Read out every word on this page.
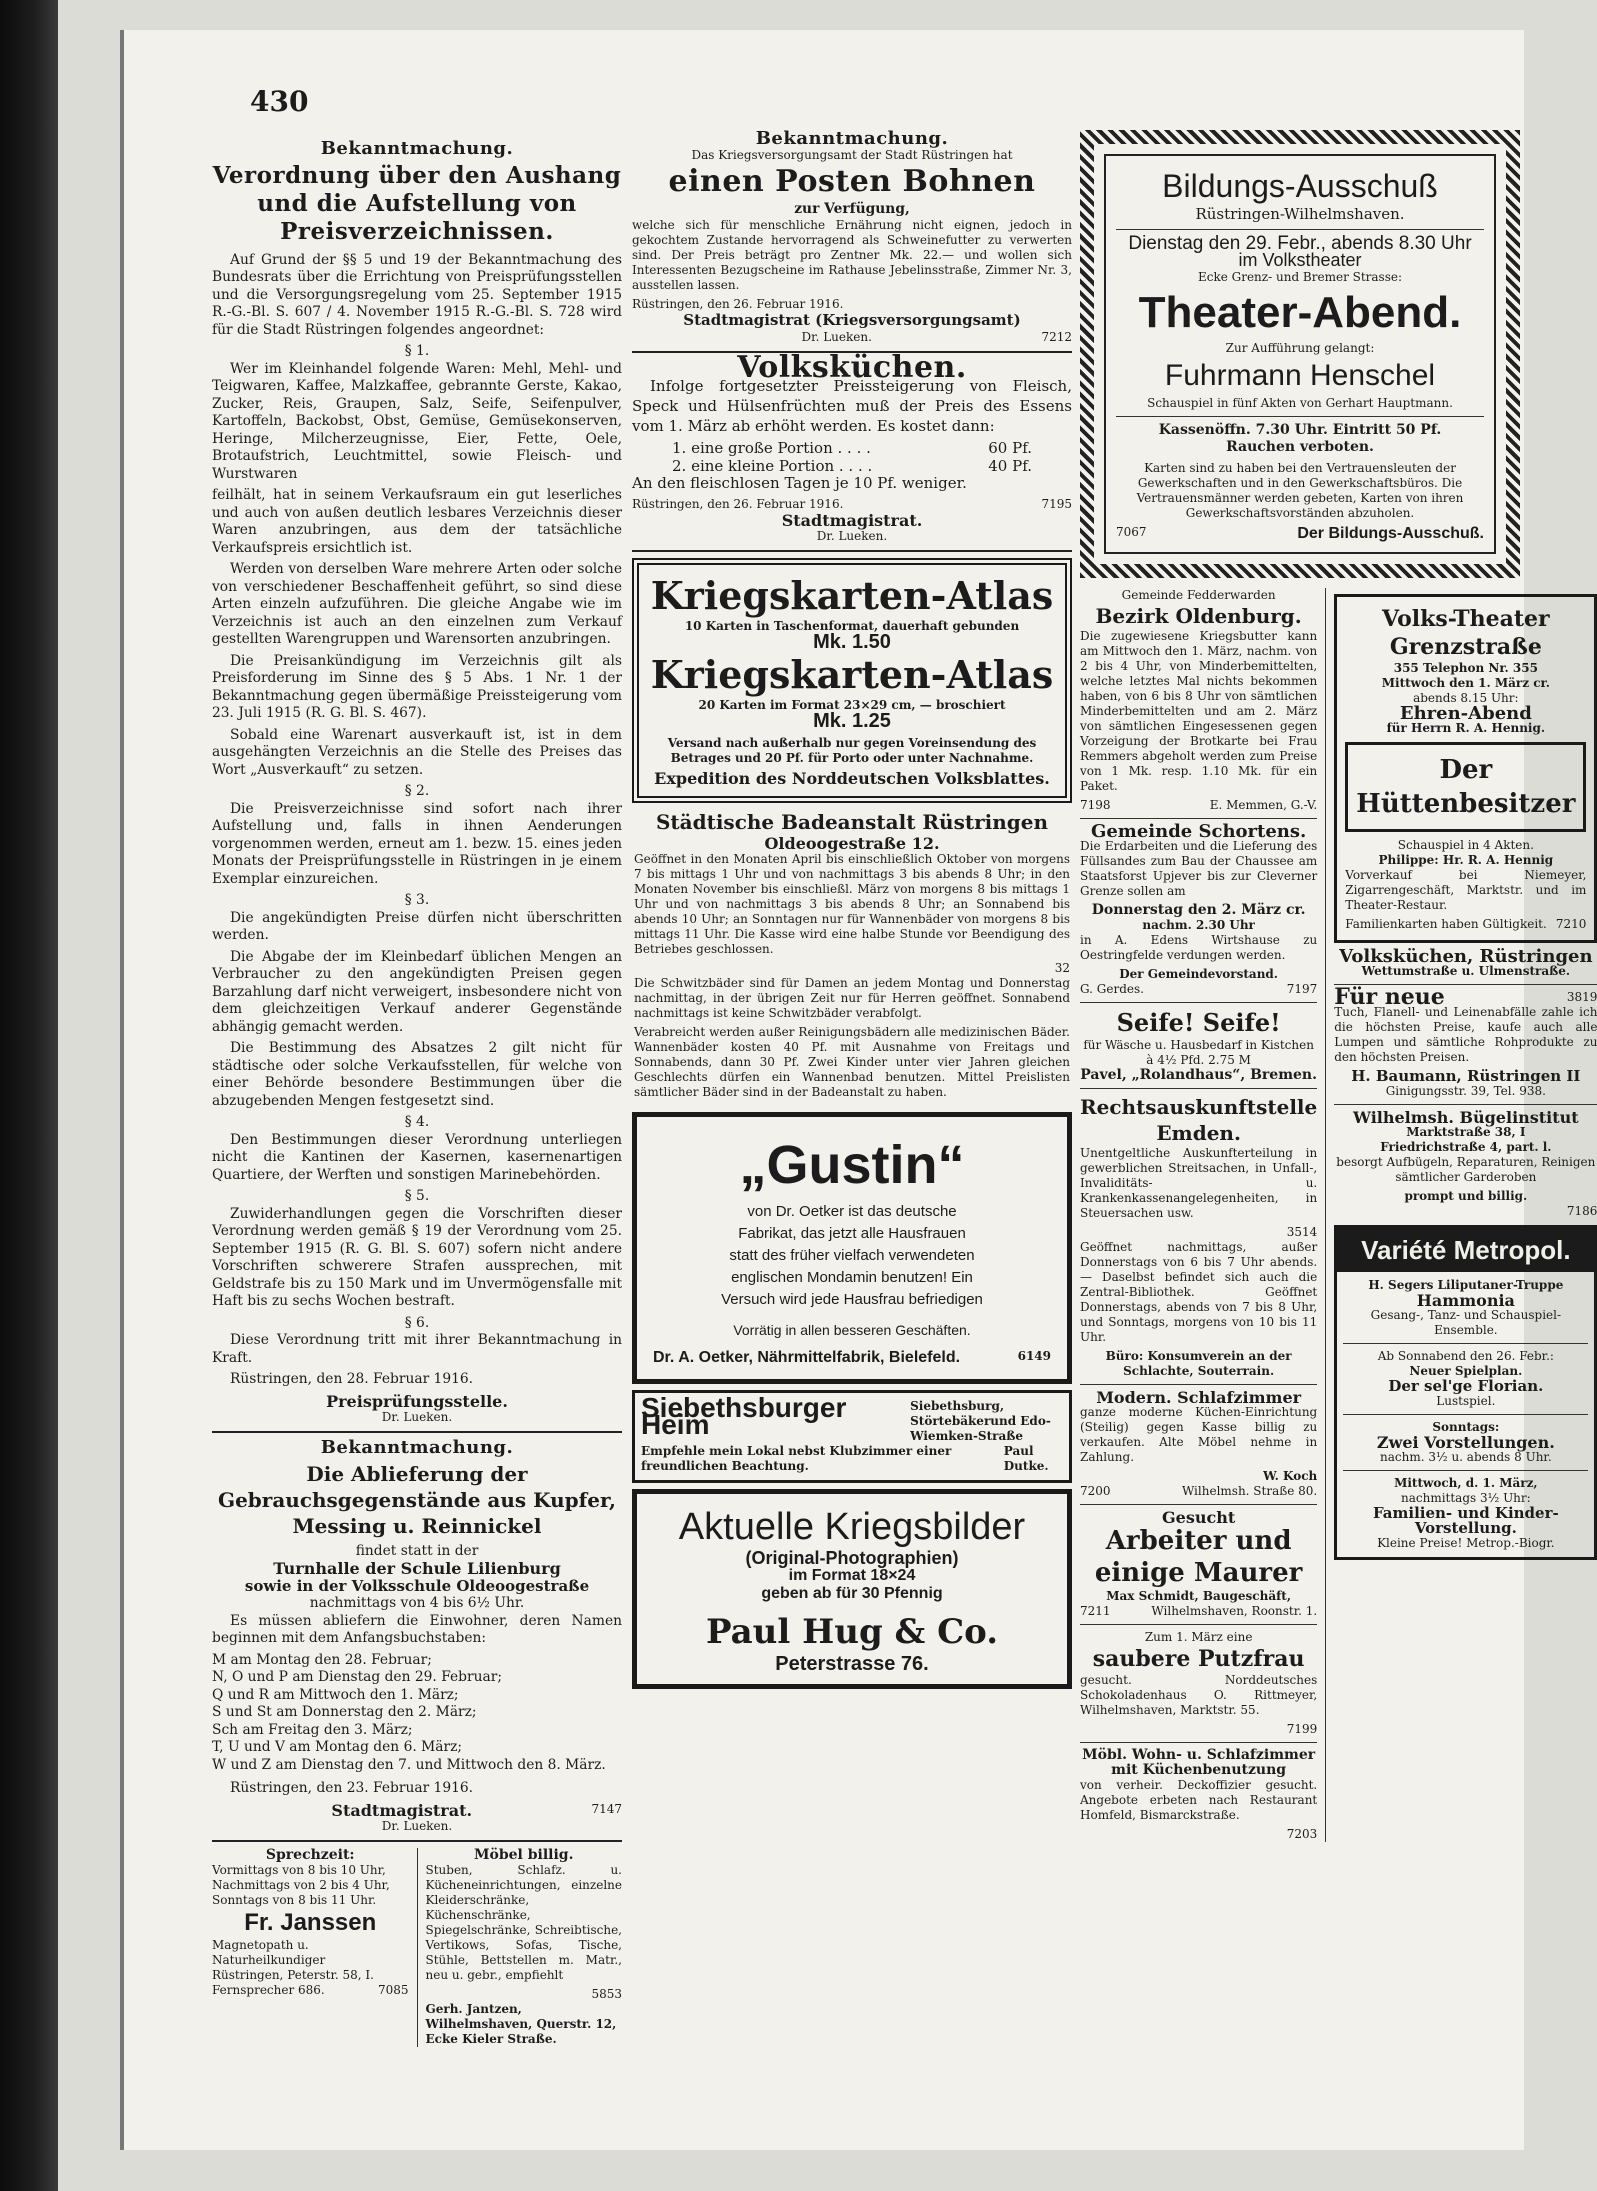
430
Bekanntmachung.
Verordnung über den Aushang und die Aufstellung von Preisverzeichnissen.

Auf Grund der §§ 5 und 19 der Bekanntmachung des Bundesrats über die Errichtung von Preisprüfungsstellen und die Versorgungsregelung vom 25. September 1915 R.-G.-Bl. S. 607 / 4. November 1915 R.-G.-Bl. S. 728 wird für die Stadt Rüstringen folgendes angeordnet:

§ 1.

Wer im Kleinhandel folgende Waren: Mehl, Mehl- und Teigwaren, Kaffee, Malzkaffee, gebrannte Gerste, Kakao, Zucker, Reis, Graupen, Salz, Seife, Seifenpulver, Kartoffeln, Backobst, Obst, Gemüse, Gemüsekonserven, Heringe, Milcherzeugnisse, Eier, Fette, Oele, Brotaufstrich, Leuchtmittel, sowie Fleisch- und Wurstwaren

feilhält, hat in seinem Verkaufsraum ein gut leserliches und auch von außen deutlich lesbares Verzeichnis dieser Waren anzubringen, aus dem der tatsächliche Verkaufspreis ersichtlich ist.

Werden von derselben Ware mehrere Arten oder solche von verschiedener Beschaffenheit geführt, so sind diese Arten einzeln aufzuführen. Die gleiche Angabe wie im Verzeichnis ist auch an den einzelnen zum Verkauf gestellten Warengruppen und Warensorten anzubringen.

Die Preisankündigung im Verzeichnis gilt als Preisforderung im Sinne des § 5 Abs. 1 Nr. 1 der Bekanntmachung gegen übermäßige Preissteigerung vom 23. Juli 1915 (R. G. Bl. S. 467).

Sobald eine Warenart ausverkauft ist, ist in dem ausgehängten Verzeichnis an die Stelle des Preises das Wort „Ausverkauft“ zu setzen.

§ 2.

Die Preisverzeichnisse sind sofort nach ihrer Aufstellung und, falls in ihnen Aenderungen vorgenommen werden, erneut am 1. bezw. 15. eines jeden Monats der Preisprüfungsstelle in Rüstringen in je einem Exemplar einzureichen.

§ 3.

Die angekündigten Preise dürfen nicht überschritten werden.

Die Abgabe der im Kleinbedarf üblichen Mengen an Verbraucher zu den angekündigten Preisen gegen Barzahlung darf nicht verweigert, insbesondere nicht von dem gleichzeitigen Verkauf anderer Gegenstände abhängig gemacht werden.

Die Bestimmung des Absatzes 2 gilt nicht für städtische oder solche Verkaufsstellen, für welche von einer Behörde besondere Bestimmungen über die abzugebenden Mengen festgesetzt sind.

§ 4.

Den Bestimmungen dieser Verordnung unterliegen nicht die Kantinen der Kasernen, kasernenartigen Quartiere, der Werften und sonstigen Marinebehörden.

§ 5.

Zuwiderhandlungen gegen die Vorschriften dieser Verordnung werden gemäß § 19 der Verordnung vom 25. September 1915 (R. G. Bl. S. 607) sofern nicht andere Vorschriften schwerere Strafen aussprechen, mit Geldstrafe bis zu 150 Mark und im Unvermögensfalle mit Haft bis zu sechs Wochen bestraft.

§ 6.

Diese Verordnung tritt mit ihrer Bekanntmachung in Kraft.

Rüstringen, den 28. Februar 1916.

Preisprüfungsstelle.
Dr. Lueken.
Bekanntmachung.
Die Ablieferung der Gebrauchsgegenstände aus Kupfer, Messing u. Reinnickel
findet statt in der
Turnhalle der Schule Lilienburg
sowie in der Volksschule Oldeoogestraße
nachmittags von 4 bis 6½ Uhr.

Es müssen abliefern die Einwohner, deren Namen beginnen mit dem Anfangsbuchstaben:

M am Montag den 28. Februar;
N, O und P am Dienstag den 29. Februar;
Q und R am Mittwoch den 1. März;
S und St am Donnerstag den 2. März;
Sch am Freitag den 3. März;
T, U und V am Montag den 6. März;
W und Z am Dienstag den 7. und Mittwoch den 8. März.

Rüstringen, den 23. Februar 1916.

Stadtmagistrat.	7147
Dr. Lueken.
Sprechzeit:
Vormittags von 8 bis 10 Uhr,
Nachmittags von 2 bis 4 Uhr,
Sonntags von 8 bis 11 Uhr.
Fr. Janssen
Magnetopath u. Naturheilkundiger
Rüstringen, Peterstr. 58, I.
Fernsprecher 686.	7085
Möbel billig.

Stuben, Schlafz. u. Kücheneinrichtungen, einzelne Kleiderschränke, Küchenschränke, Spiegelschränke, Schreibtische, Vertikows, Sofas, Tische, Stühle, Bettstellen m. Matr., neu u. gebr., empfiehlt

5853
Gerh. Jantzen, Wilhelmshaven, Querstr. 12, Ecke Kieler Straße.
Bekanntmachung.
Das Kriegsversorgungsamt der Stadt Rüstringen hat
einen Posten Bohnen
zur Verfügung,

welche sich für menschliche Ernährung nicht eignen, jedoch in gekochtem Zustande hervorragend als Schweinefutter zu verwerten sind. Der Preis beträgt pro Zentner Mk. 22.— und wollen sich Interessenten Bezugscheine im Rathause Jebelinsstraße, Zimmer Nr. 3, ausstellen lassen.

Rüstringen, den 26. Februar 1916.
Stadtmagistrat (Kriegsversorgungsamt)
Dr. Lueken.	7212
Volksküchen.

Infolge fortgesetzter Preissteigerung von Fleisch, Speck und Hülsenfrüchten muß der Preis des Essens vom 1. März ab erhöht werden. Es kostet dann:

1. eine große Portion . . . .	60 Pf.
2. eine kleine Portion . . . .	40 Pf.
An den fleischlosen Tagen je 10 Pf. weniger.
Rüstringen, den 26. Februar 1916.	7195
Stadtmagistrat.
Dr. Lueken.
Kriegskarten-Atlas
10 Karten in Taschenformat, dauerhaft gebunden
Mk. 1.50
Kriegskarten-Atlas
20 Karten im Format 23×29 cm, — broschiert
Mk. 1.25

Versand nach außerhalb nur gegen Voreinsendung des Betrages und 20 Pf. für Porto oder unter Nachnahme.

Expedition des Norddeutschen Volksblattes.
Städtische Badeanstalt Rüstringen
Oldeoogestraße 12.

Geöffnet in den Monaten April bis einschließlich Oktober von morgens 7 bis mittags 1 Uhr und von nachmittags 3 bis abends 8 Uhr; in den Monaten November bis einschließl. März von morgens 8 bis mittags 1 Uhr und von nachmittags 3 bis abends 8 Uhr; an Sonnabend bis abends 10 Uhr; an Sonntagen nur für Wannenbäder von morgens 8 bis mittags 11 Uhr. Die Kasse wird eine halbe Stunde vor Beendigung des Betriebes geschlossen.

32

Die Schwitzbäder sind für Damen an jedem Montag und Donnerstag nachmittag, in der übrigen Zeit nur für Herren geöffnet. Sonnabend nachmittags ist keine Schwitzbäder verabfolgt.

Verabreicht werden außer Reinigungsbädern alle medizinischen Bäder. Wannenbäder kosten 40 Pf. mit Ausnahme von Freitags und Sonnabends, dann 30 Pf. Zwei Kinder unter vier Jahren gleichen Geschlechts dürfen ein Wannenbad benutzen. Mittel Preislisten sämtlicher Bäder sind in der Badeanstalt zu haben.

„Gustin“
von Dr. Oetker ist das deutsche
Fabrikat, das jetzt alle Hausfrauen
statt des früher vielfach verwendeten
englischen Mondamin benutzen! Ein
Versuch wird jede Hausfrau befriedigen
Vorrätig in allen besseren Geschäften.
Dr. A. Oetker, Nährmittelfabrik, Bielefeld.	6149
Siebethsburger Heim
Siebethsburg, Störtebäkerund Edo-Wiemken-Straße
Empfehle mein Lokal nebst Klubzimmer einer freundlichen Beachtung.
Paul Dutke.
Aktuelle Kriegsbilder
(Original-Photographien)
im Format 18×24
geben ab für 30 Pfennig
Paul Hug & Co.
Peterstrasse 76.
Bildungs-Ausschuß
Rüstringen-Wilhelmshaven.
Dienstag den 29. Febr., abends 8.30 Uhr
im Volkstheater
Ecke Grenz- und Bremer Strasse:
Theater-Abend.
Zur Aufführung gelangt:
Fuhrmann Henschel
Schauspiel in fünf Akten von Gerhart Hauptmann.
Kassenöffn. 7.30 Uhr. Eintritt 50 Pf.
Rauchen verboten.

Karten sind zu haben bei den Vertrauensleuten der Gewerkschaften und in den Gewerkschaftsbüros. Die Vertrauensmänner werden gebeten, Karten von ihren Gewerkschaftsvorständen abzuholen.

7067	Der Bildungs-Ausschuß.
Gemeinde Fedderwarden
Bezirk Oldenburg.

Die zugewiesene Kriegsbutter kann am Mittwoch den 1. März, nachm. von 2 bis 4 Uhr, von Minderbemittelten, welche letztes Mal nichts bekommen haben, von 6 bis 8 Uhr von sämtlichen Minderbemittelten und am 2. März von sämtlichen Eingesessenen gegen Vorzeigung der Brotkarte bei Frau Remmers abgeholt werden zum Preise von 1 Mk. resp. 1.10 Mk. für ein Paket.

7198	E. Memmen, G.-V.
Gemeinde Schortens.

Die Erdarbeiten und die Lieferung des Füllsandes zum Bau der Chaussee am Staatsforst Upjever bis zur Cleverner Grenze sollen am

Donnerstag den 2. März cr.
nachm. 2.30 Uhr

in A. Edens Wirtshause zu Oestringfelde verdungen werden.

Der Gemeindevorstand.
G. Gerdes.	7197
Seife! Seife!
für Wäsche u. Hausbedarf in Kistchen à 4½ Pfd. 2.75 M
Pavel, „Rolandhaus“, Bremen.
Rechtsauskunftstelle Emden.

Unentgeltliche Auskunfterteilung in gewerblichen Streitsachen, in Unfall-, Invaliditäts- u. Krankenkassenangelegenheiten, in Steuersachen usw.

3514

Geöffnet nachmittags, außer Donnerstags von 6 bis 7 Uhr abends. — Daselbst befindet sich auch die Zentral-Bibliothek. Geöffnet Donnerstags, abends von 7 bis 8 Uhr, und Sonntags, morgens von 10 bis 11 Uhr.

Büro: Konsumverein an der Schlachte, Souterrain.
Modern. Schlafzimmer

ganze moderne Küchen-Einrichtung (Steilig) gegen Kasse billig zu verkaufen. Alte Möbel nehme in Zahlung.

W. Koch
7200	Wilhelmsh. Straße 80.
Gesucht
Arbeiter und einige Maurer
Max Schmidt, Baugeschäft,
7211	Wilhelmshaven, Roonstr. 1.
Zum 1. März eine
saubere Putzfrau

gesucht. Norddeutsches Schokoladenhaus O. Rittmeyer, Wilhelmshaven, Marktstr. 55.

7199
Möbl. Wohn- u. Schlafzimmer mit Küchenbenutzung

von verheir. Deckoffizier gesucht. Angebote erbeten nach Restaurant Homfeld, Bismarckstraße.

7203
Volks-Theater Grenzstraße
355 Telephon Nr. 355
Mittwoch den 1. März cr.
abends 8.15 Uhr:
Ehren-Abend
für Herrn R. A. Hennig.
Der Hüttenbesitzer
Schauspiel in 4 Akten.
Philippe: Hr. R. A. Hennig

Vorverkauf bei Niemeyer, Zigarrengeschäft, Marktstr. und im Theater-Restaur.

Familienkarten haben Gültigkeit. 7210
Volksküchen, Rüstringen
Wettumstraße u. Ulmenstraße.
Für neue	3819

Tuch, Flanell- und Leinenabfälle zahle ich die höchsten Preise, kaufe auch alle Lumpen und sämtliche Rohprodukte zu den höchsten Preisen.

H. Baumann, Rüstringen II
Ginigungsstr. 39, Tel. 938.
Wilhelmsh. Bügelinstitut
Marktstraße 38, I
Friedrichstraße 4, part. l.

besorgt Aufbügeln, Reparaturen, Reinigen sämtlicher Garderoben

prompt und billig.
7186
Variété Metropol.
H. Segers Liliputaner-Truppe
Hammonia
Gesang-, Tanz- und Schauspiel-Ensemble.
Ab Sonnabend den 26. Febr.:
Neuer Spielplan.
Der sel'ge Florian.
Lustspiel.
Sonntags:
Zwei Vorstellungen.
nachm. 3½ u. abends 8 Uhr.
Mittwoch, d. 1. März,
nachmittags 3½ Uhr:
Familien- und Kinder-Vorstellung.
Kleine Preise! Metrop.-Biogr.
